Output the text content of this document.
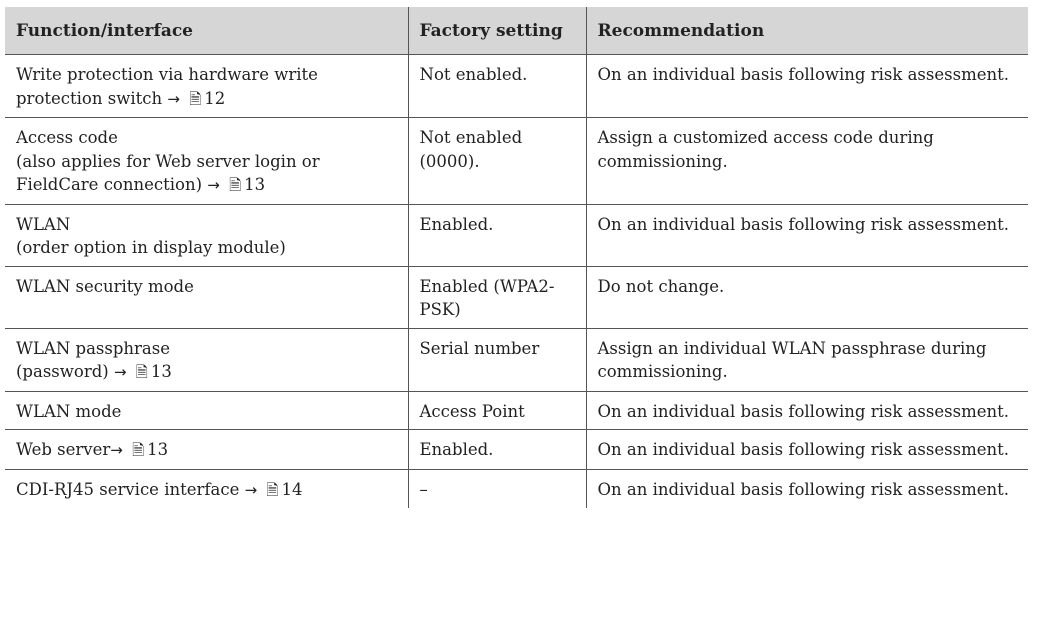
Function/interface	Factory setting	Recommendation

Write protection via hardware write
protection switch → 🗎 12	Not enabled.	On an individual basis following risk assessment.

Access code
(also applies for Web server login or
FieldCare connection) → 🗎 13	Not enabled (0000).	Assign a customized access code during commissioning.

WLAN
(order option in display module)	Enabled.	On an individual basis following risk assessment.

WLAN security mode	Enabled (WPA2-PSK)	Do not change.

WLAN passphrase
(password) → 🗎 13	Serial number	Assign an individual WLAN passphrase during commissioning.

WLAN mode	Access Point	On an individual basis following risk assessment.

Web server→ 🗎 13	Enabled.	On an individual basis following risk assessment.

CDI-RJ45 service interface → 🗎 14	–	On an individual basis following risk assessment.
